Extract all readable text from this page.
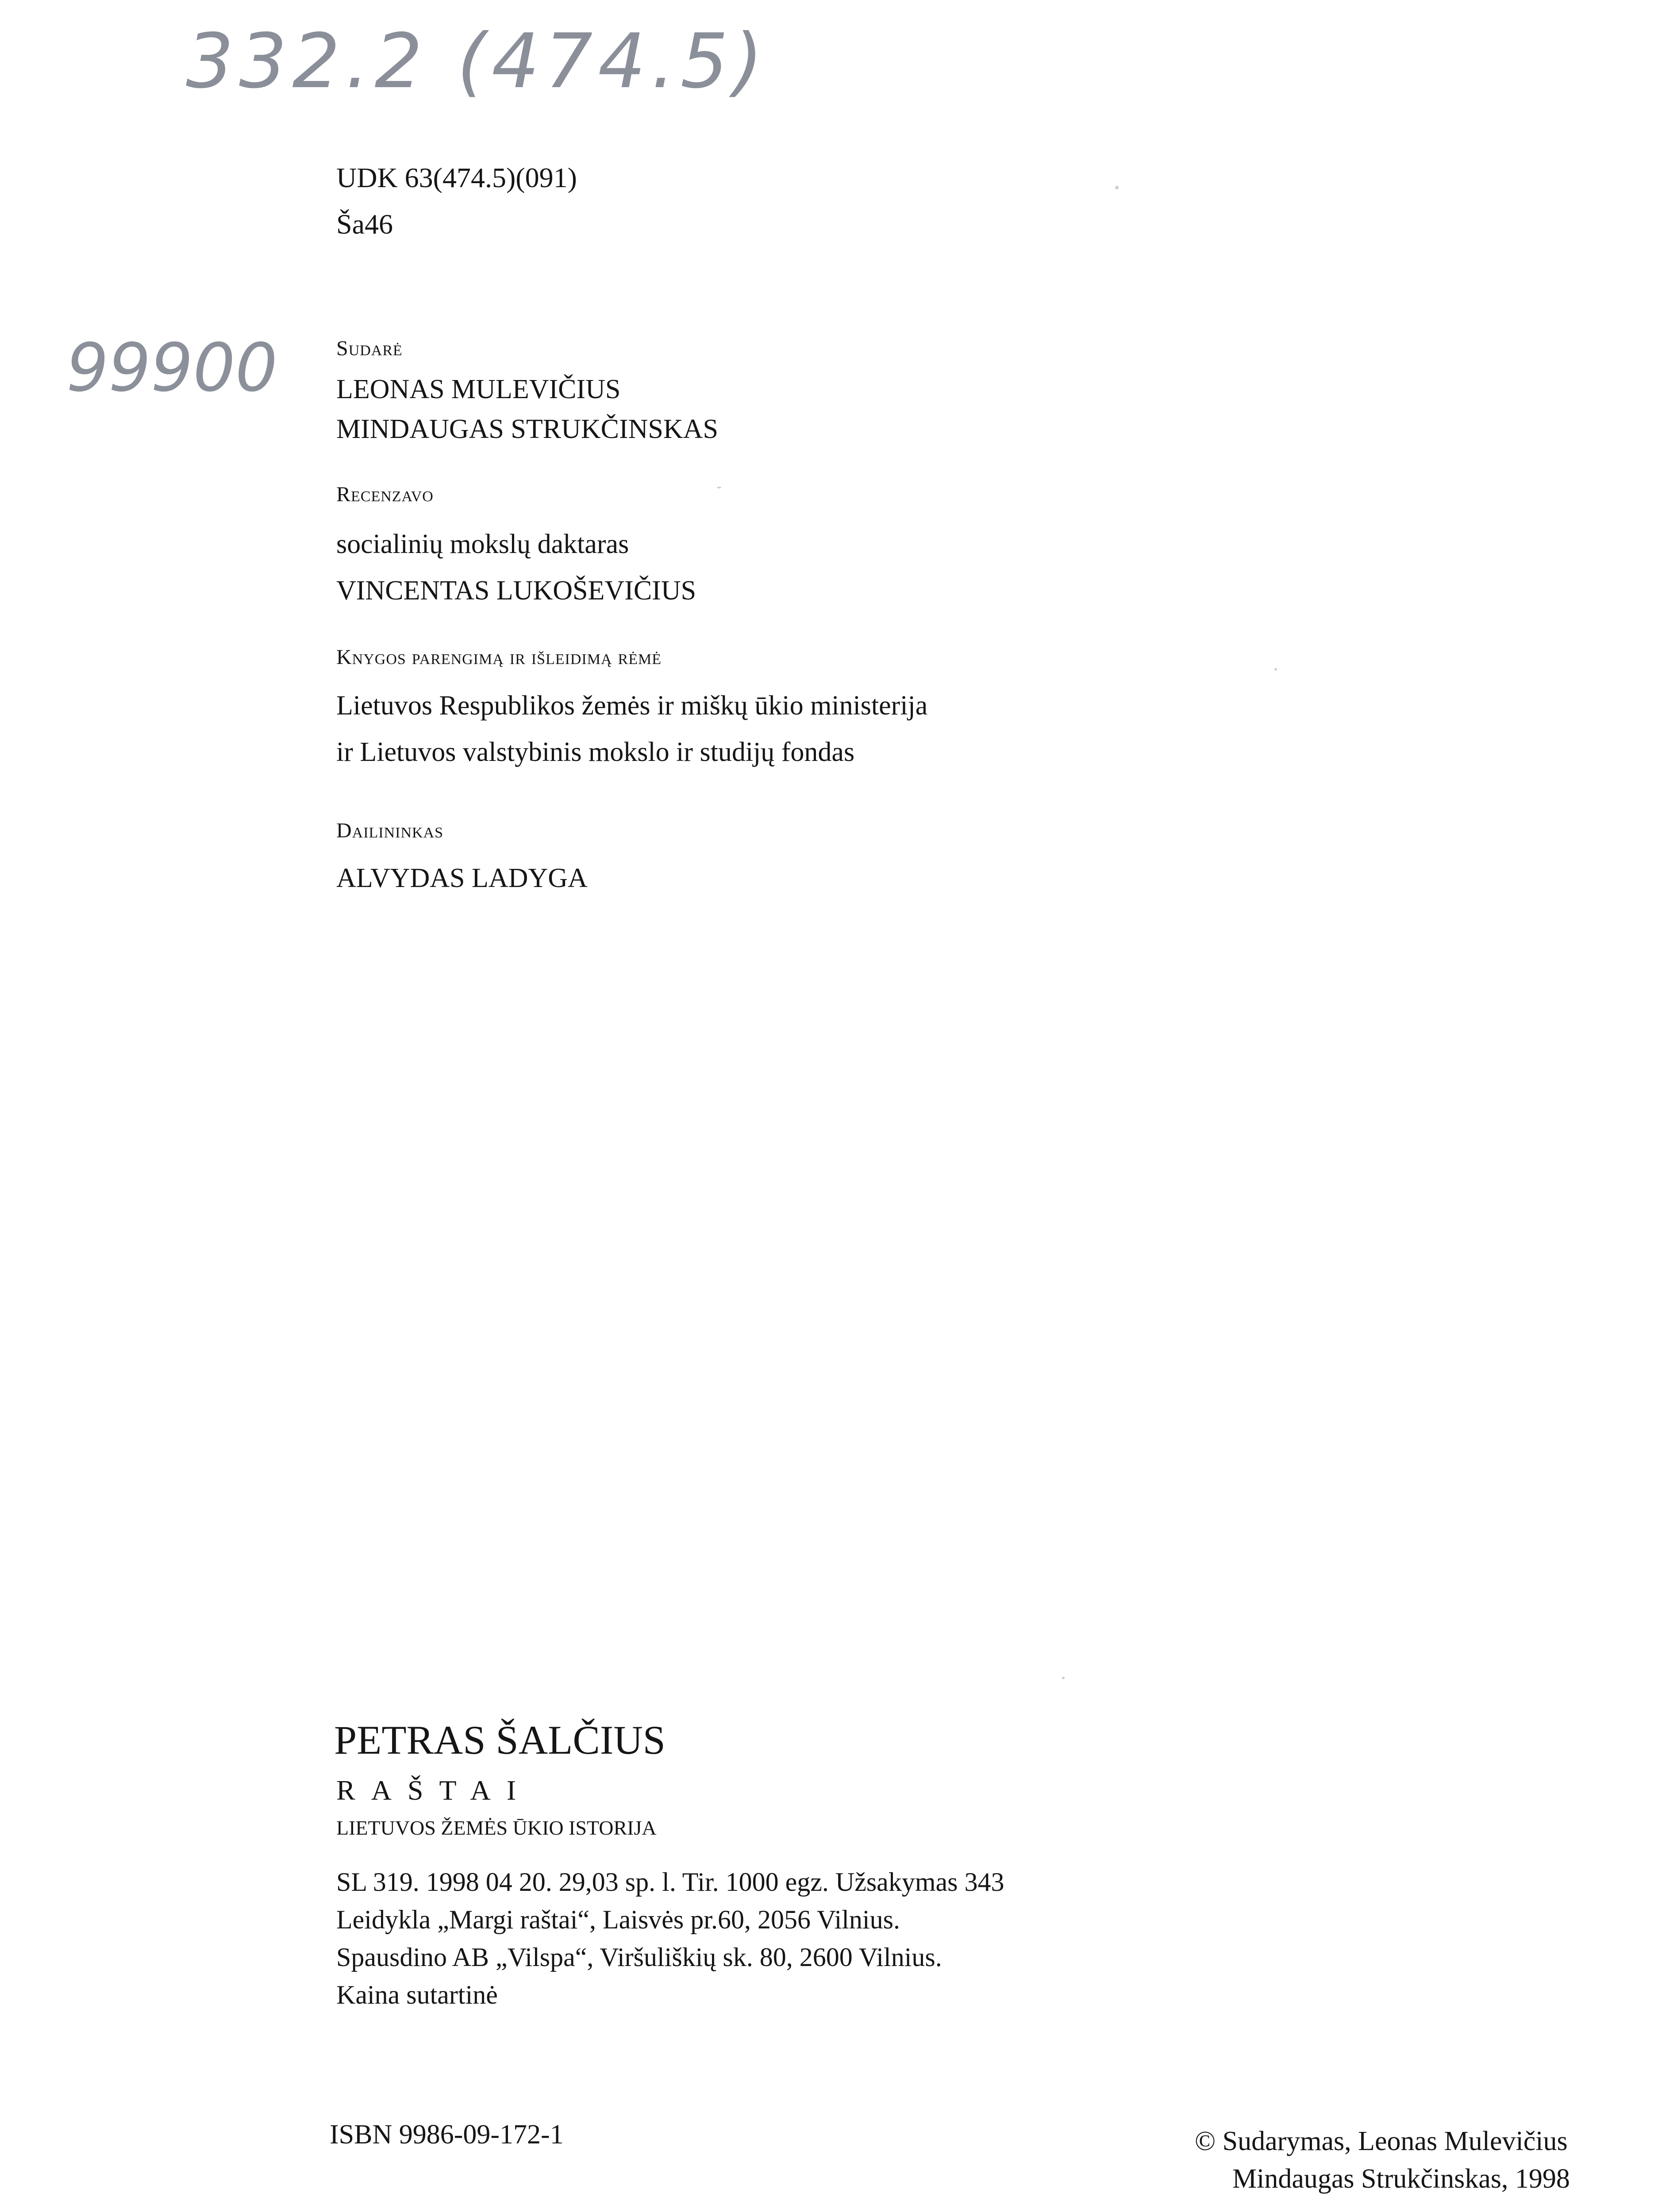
332.2 (474.5)
99900
UDK 63(474.5)(091)
Ša46
Sudarė
LEONAS MULEVIČIUS
MINDAUGAS STRUKČINSKAS
Recenzavo
socialinių mokslų daktaras
VINCENTAS LUKOŠEVIČIUS
Knygos parengimą ir išleidimą rėmė
Lietuvos Respublikos žemės ir miškų ūkio ministerija
ir Lietuvos valstybinis mokslo ir studijų fondas
Dailininkas
ALVYDAS LADYGA
PETRAS ŠALČIUS
RAŠTAI
LIETUVOS ŽEMĖS ŪKIO ISTORIJA
SL 319. 1998 04 20. 29,03 sp. l. Tir. 1000 egz. Užsakymas 343
Leidykla „Margi raštai“, Laisvės pr.60, 2056 Vilnius.
Spausdino AB „Vilspa“, Viršuliškių sk. 80, 2600 Vilnius.
Kaina sutartinė
ISBN 9986-09-172-1	© Sudarymas, Leonas Mulevičius
Mindaugas Strukčinskas, 1998
